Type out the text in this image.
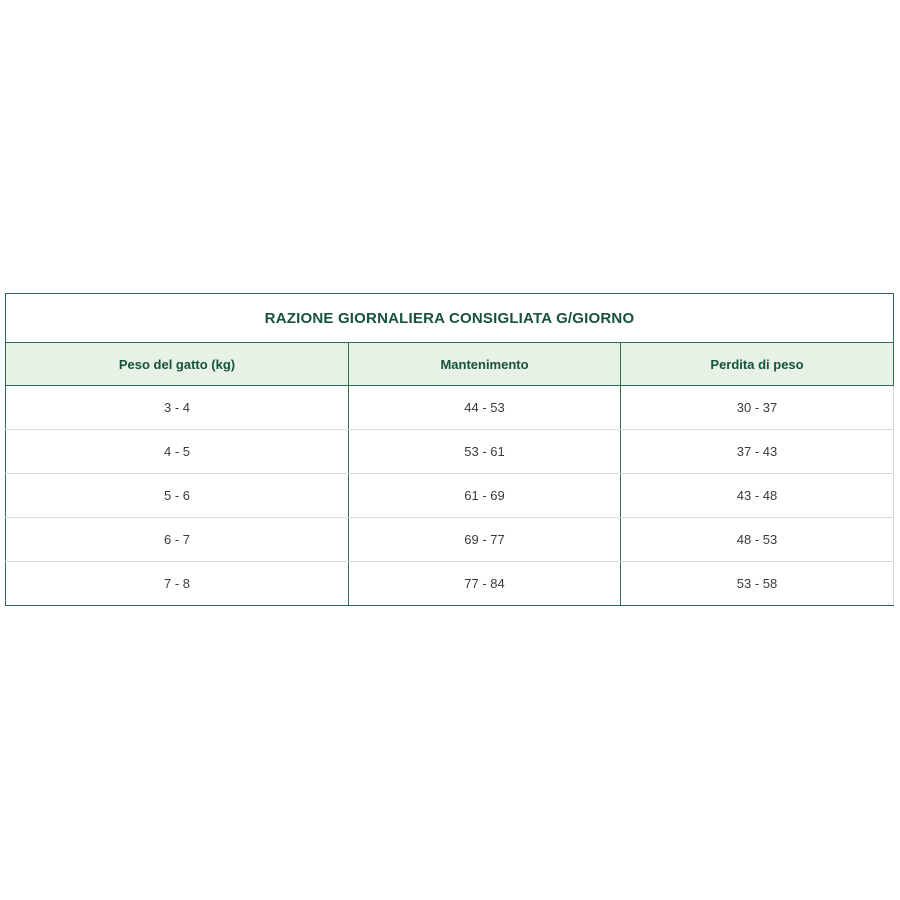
RAZIONE GIORNALIERA CONSIGLIATA G/GIORNO		
Peso del gatto (kg)	Mantenimento	Perdita di peso
3 - 4	44 - 53	30 - 37
4 - 5	53 - 61	37 - 43
5 - 6	61 - 69	43 - 48
6 - 7	69 - 77	48 - 53
7 - 8	77 - 84	53 - 58
